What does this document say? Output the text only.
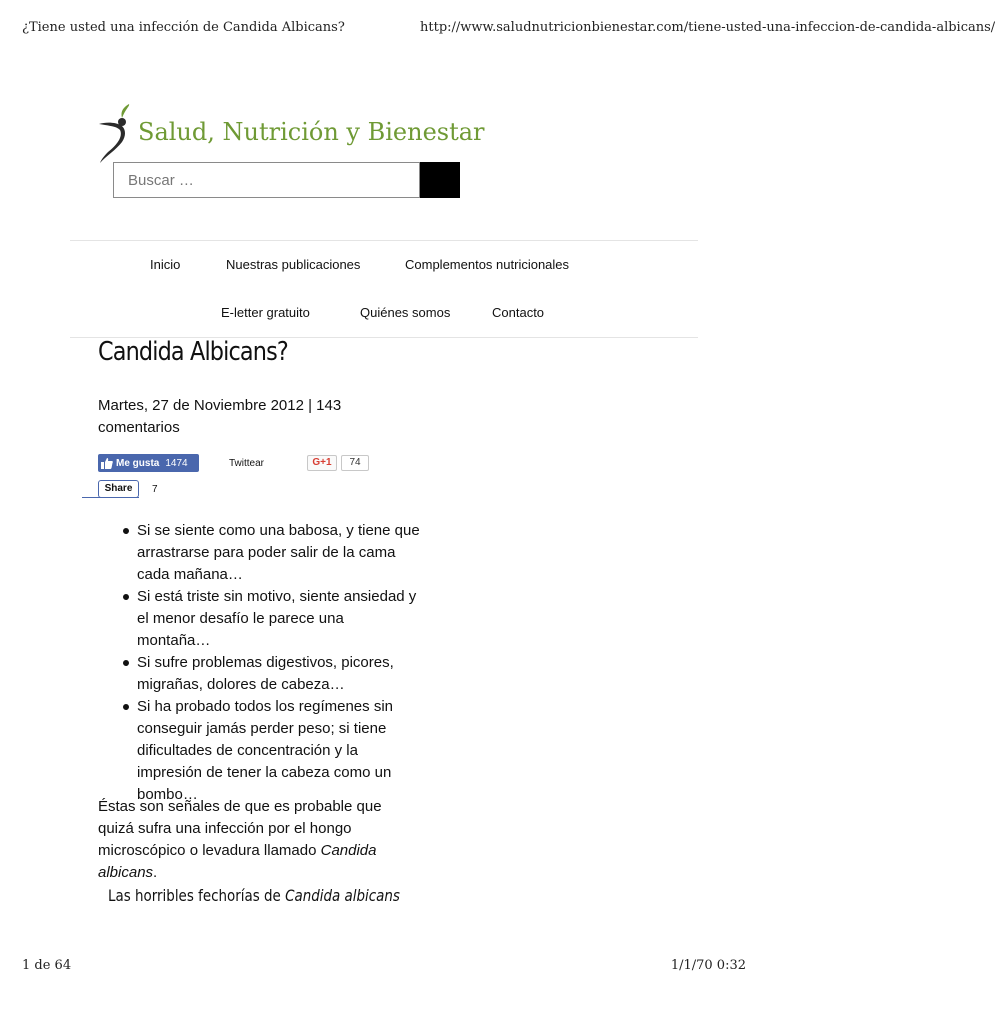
¿Tiene usted una infección de Candida Albicans?	http://www.saludnutricionbienestar.com/tiene-usted-una-infeccion-de-candida-albicans/
Salud, Nutrición y Bienestar
Buscar …
Inicio	Nuestras publicaciones	Complementos nutricionales
E-letter gratuito	Quiénes somos	Contacto
Candida Albicans?
Martes, 27 de Noviembre 2012 | 143 comentarios
Me gusta 1474	Twittear	G+1	74
Share	7
Si se siente como una babosa, y tiene que arrastrarse para poder salir de la cama cada mañana…
Si está triste sin motivo, siente ansiedad y el menor desafío le parece una montaña…
Si sufre problemas digestivos, picores, migrañas, dolores de cabeza…
Si ha probado todos los regímenes sin conseguir jamás perder peso; si tiene dificultades de concentración y la impresión de tener la cabeza como un bombo…

Éstas son señales de que es probable que quizá sufra una infección por el hongo microscópico o levadura llamado Candida albicans.

Las horribles fechorías de Candida albicans
1 de 64	1/1/70 0:32
